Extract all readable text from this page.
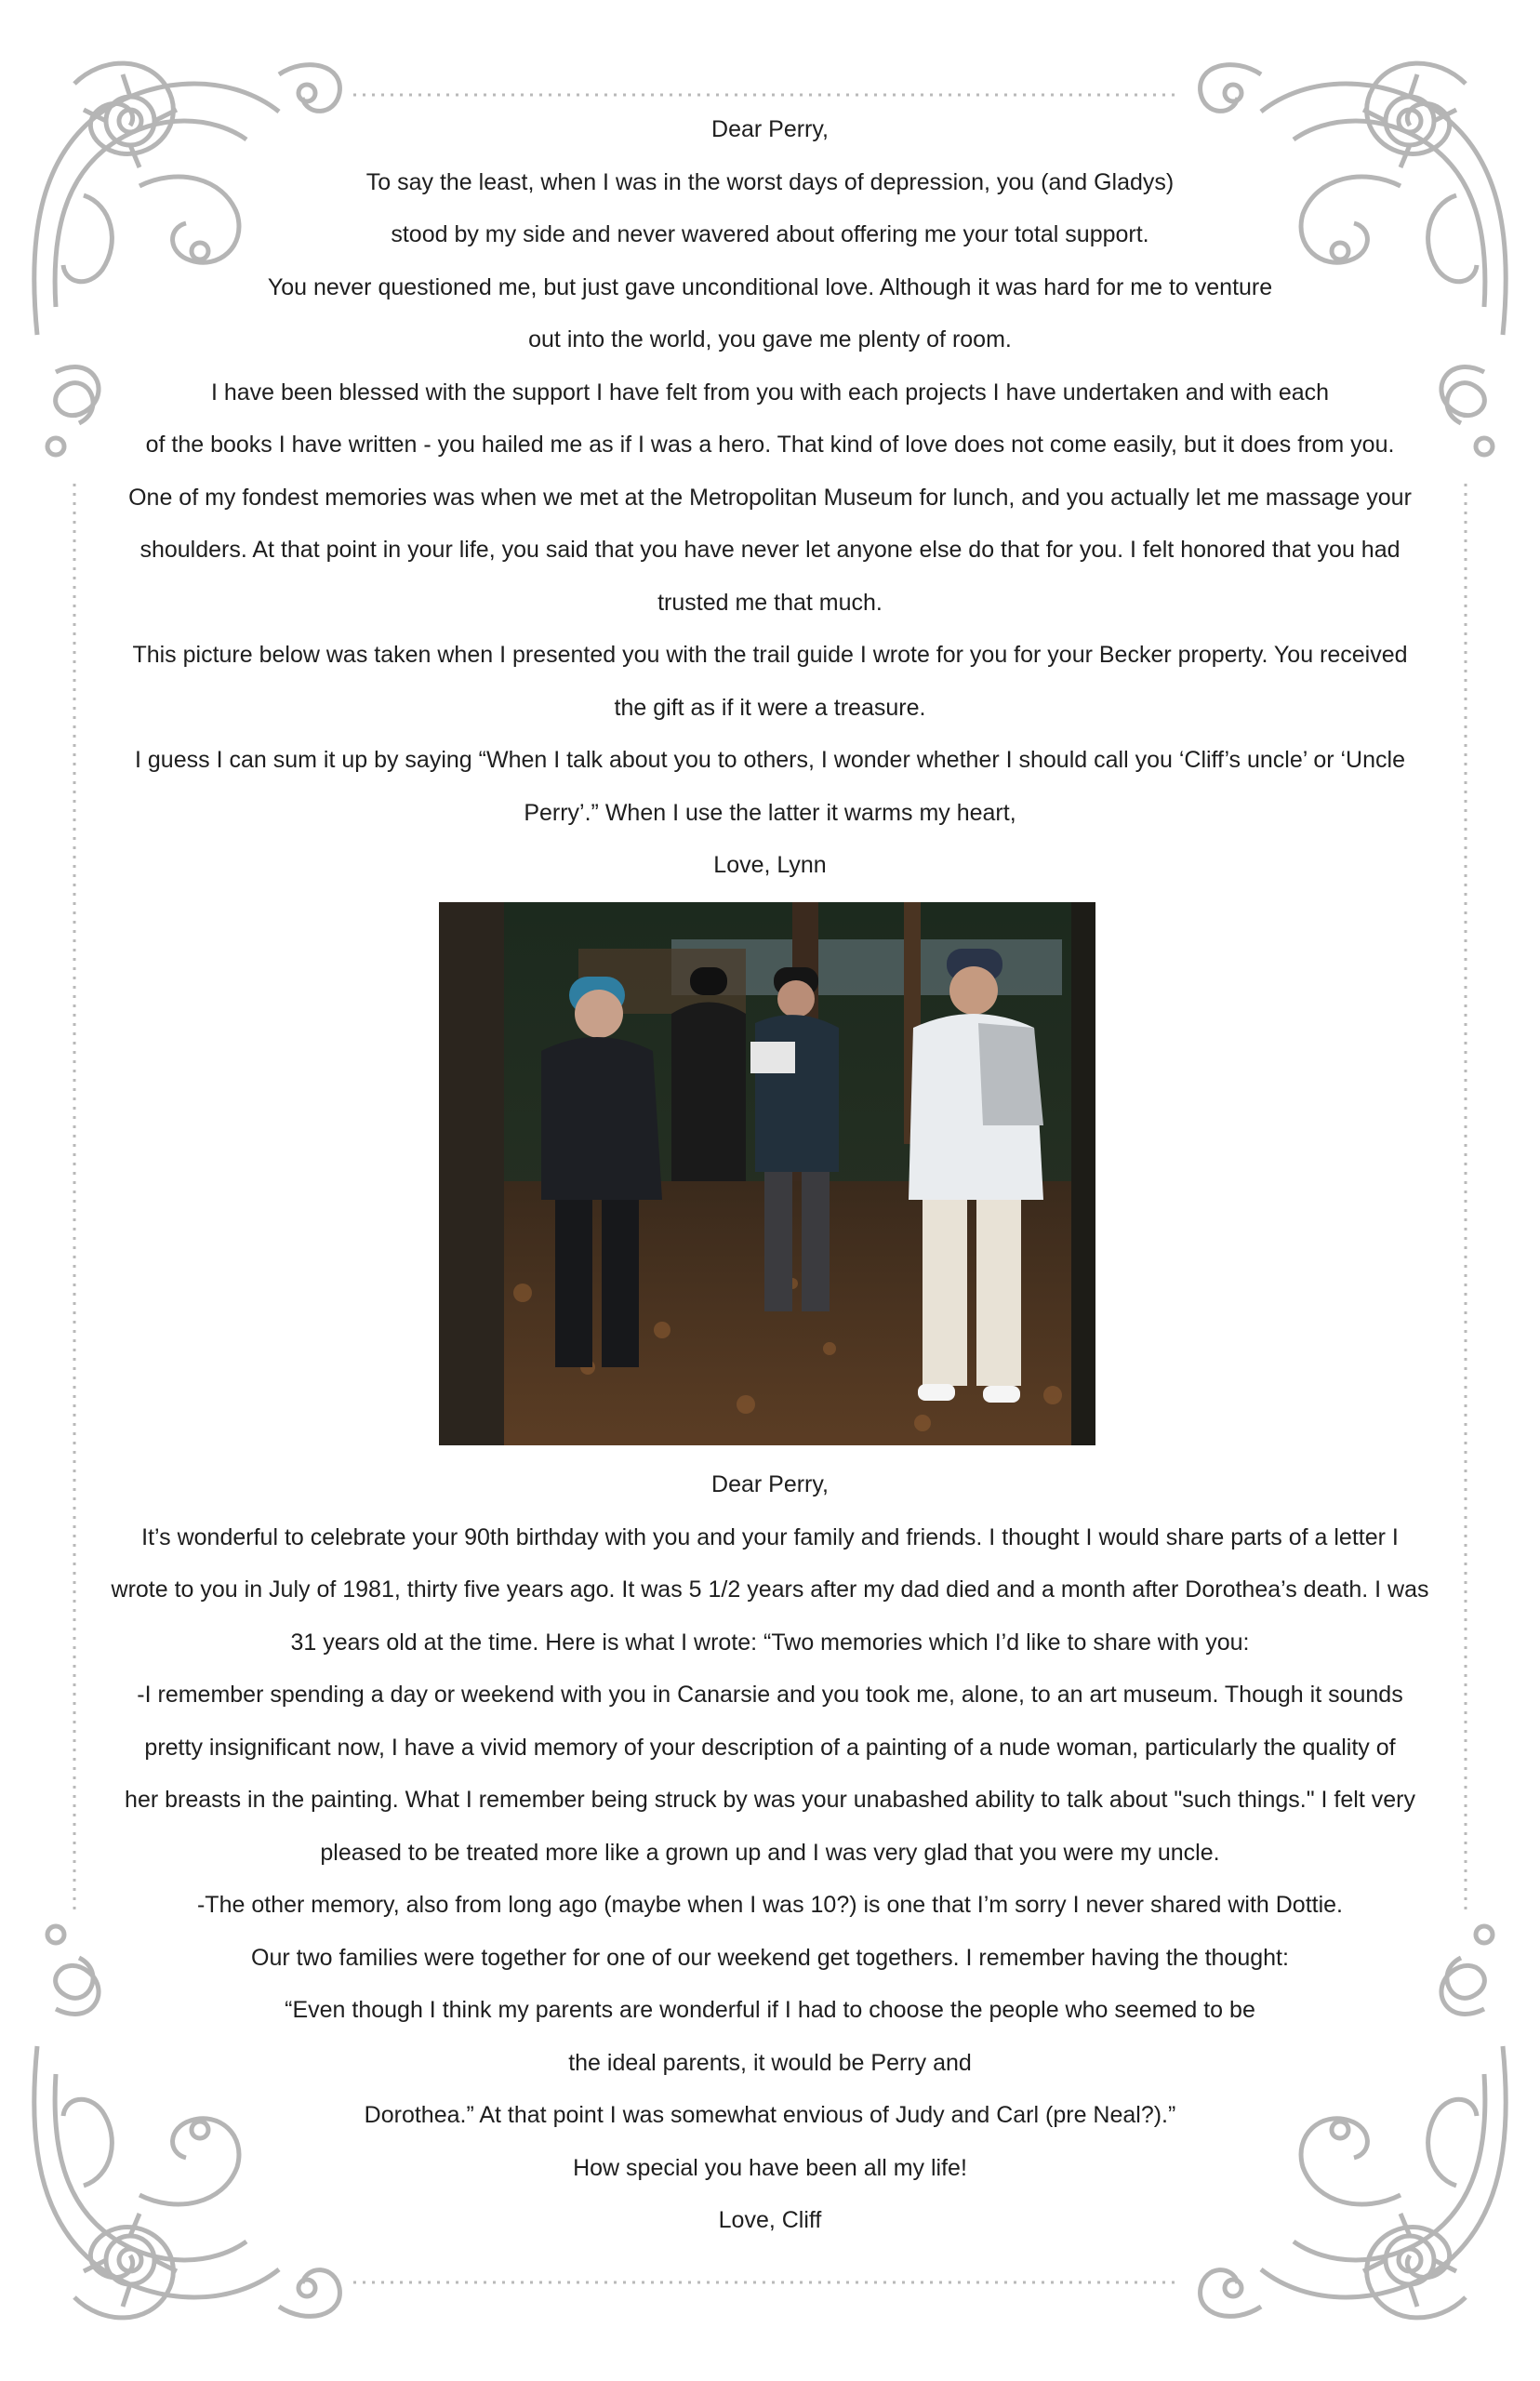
Dear Perry,

To say the least, when I was in the worst days of depression, you (and Gladys)

stood by my side and never wavered about offering me your total support.

You never questioned me, but just gave unconditional love. Although it was hard for me to venture

out into the world, you gave me plenty of room.

I have been blessed with the support I have felt from you with each projects I have undertaken and with each

of the books I have written - you hailed me as if I was a hero. That kind of love does not come easily, but it does from you.

One of my fondest memories was when we met at the Metropolitan Museum for lunch, and you actually let me massage your

shoulders. At that point in your life, you said that you have never let anyone else do that for you. I felt honored that you had

trusted me that much.

This picture below was taken when I presented you with the trail guide I wrote for you for your Becker property. You received

the gift as if it were a treasure.

I guess I can sum it up by saying “When I talk about you to others, I wonder whether I should call you ‘Cliff’s uncle’ or ‘Uncle

Perry’.” When I use the latter it warms my heart,

Love, Lynn

Dear Perry,

It’s wonderful to celebrate your 90th birthday with you and your family and friends. I thought I would share parts of a letter I

wrote to you in July of 1981, thirty five years ago. It was 5 1/2 years after my dad died and a month after Dorothea’s death. I was

31 years old at the time. Here is what I wrote: “Two memories which I’d like to share with you:

-I remember spending a day or weekend with you in Canarsie and you took me, alone, to an art museum. Though it sounds

pretty insignificant now, I have a vivid memory of your description of a painting of a nude woman, particularly the quality of

her breasts in the painting. What I remember being struck by was your unabashed ability to talk about "such things." I felt very

pleased to be treated more like a grown up and I was very glad that you were my uncle.

-The other memory, also from long ago (maybe when I was 10?) is one that I’m sorry I never shared with Dottie.

Our two families were together for one of our weekend get togethers. I remember having the thought:

“Even though I think my parents are wonderful if I had to choose the people who seemed to be

the ideal parents, it would be Perry and

Dorothea.” At that point I was somewhat envious of Judy and Carl (pre Neal?).”

How special you have been all my life!

Love, Cliff
